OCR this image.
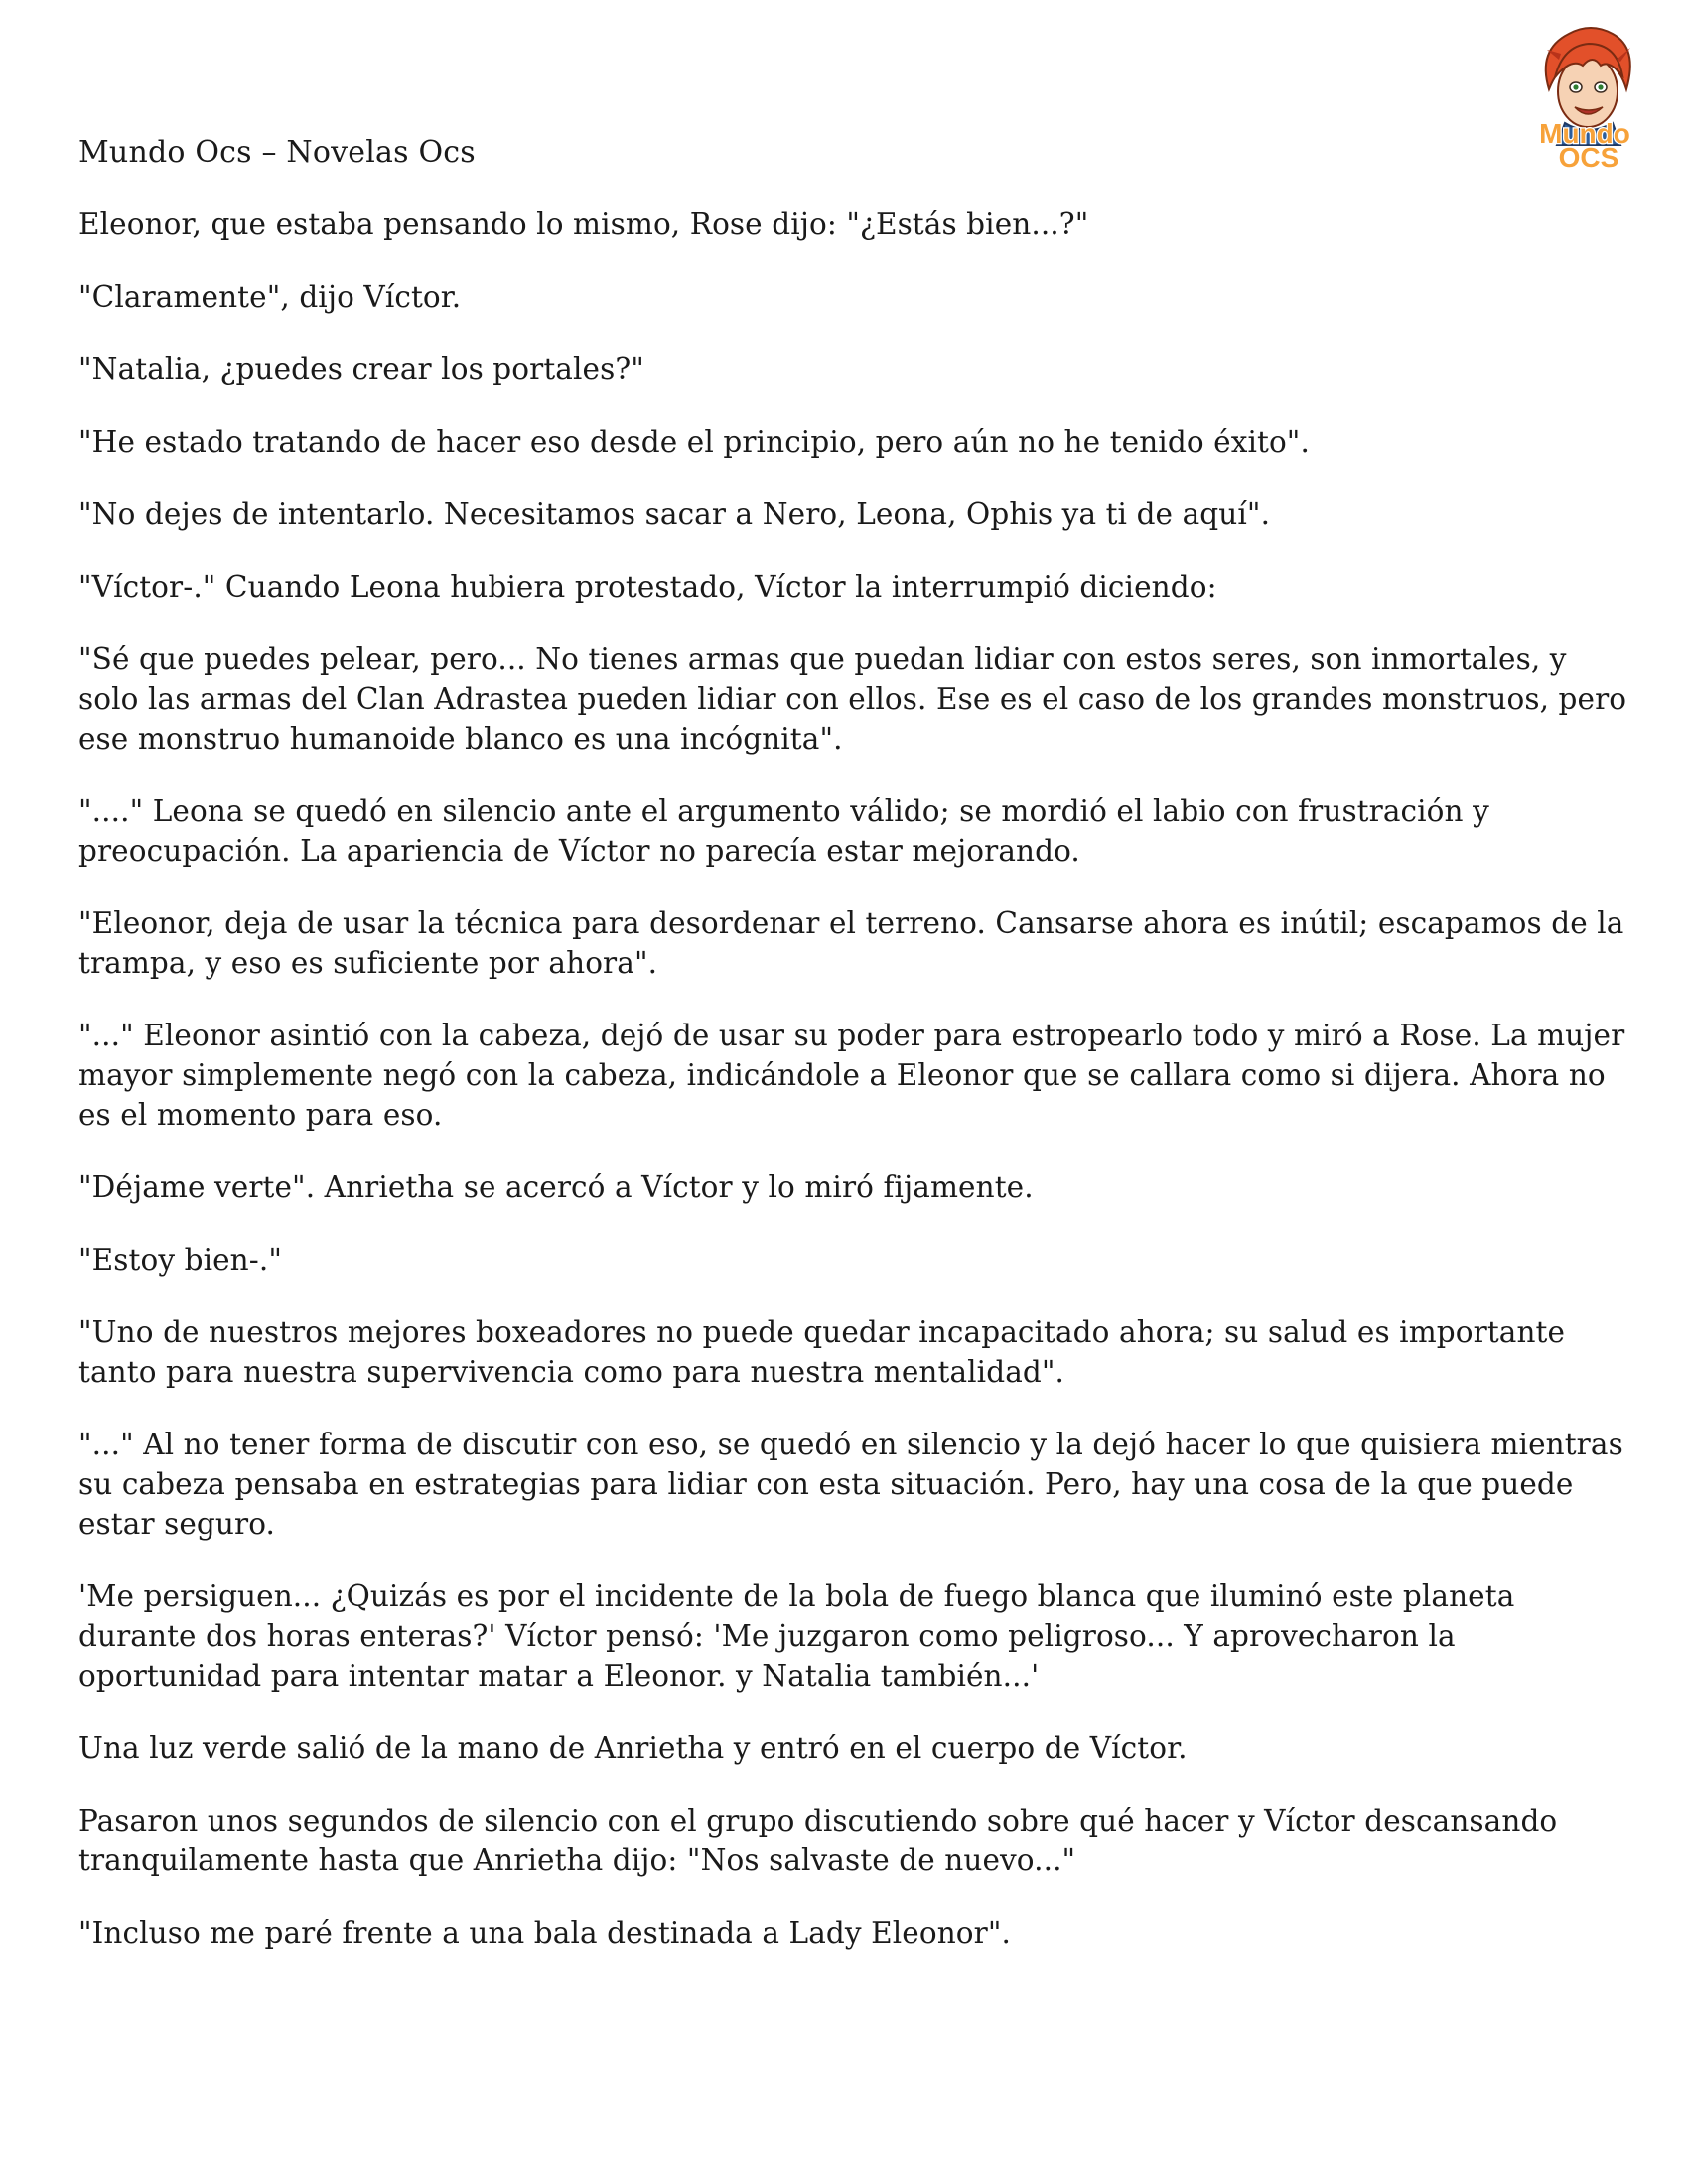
Mundo
OCS

Mundo Ocs – Novelas Ocs

Eleonor, que estaba pensando lo mismo, Rose dijo: "¿Estás bien...?"

"Claramente", dijo Víctor.

"Natalia, ¿puedes crear los portales?"

"He estado tratando de hacer eso desde el principio, pero aún no he tenido éxito".

"No dejes de intentarlo. Necesitamos sacar a Nero, Leona, Ophis ya ti de aquí".

"Víctor-." Cuando Leona hubiera protestado, Víctor la interrumpió diciendo:

"Sé que puedes pelear, pero... No tienes armas que puedan lidiar con estos seres, son inmortales, y solo las armas del Clan Adrastea pueden lidiar con ellos. Ese es el caso de los grandes monstruos, pero ese monstruo humanoide blanco es una incógnita".

"...." Leona se quedó en silencio ante el argumento válido; se mordió el labio con frustración y preocupación. La apariencia de Víctor no parecía estar mejorando.

"Eleonor, deja de usar la técnica para desordenar el terreno. Cansarse ahora es inútil; escapamos de la trampa, y eso es suficiente por ahora".

"..." Eleonor asintió con la cabeza, dejó de usar su poder para estropearlo todo y miró a Rose. La mujer mayor simplemente negó con la cabeza, indicándole a Eleonor que se callara como si dijera. Ahora no es el momento para eso.

"Déjame verte". Anrietha se acercó a Víctor y lo miró fijamente.

"Estoy bien-."

"Uno de nuestros mejores boxeadores no puede quedar incapacitado ahora; su salud es importante tanto para nuestra supervivencia como para nuestra mentalidad".

"..." Al no tener forma de discutir con eso, se quedó en silencio y la dejó hacer lo que quisiera mientras su cabeza pensaba en estrategias para lidiar con esta situación. Pero, hay una cosa de la que puede estar seguro.

'Me persiguen... ¿Quizás es por el incidente de la bola de fuego blanca que iluminó este planeta durante dos horas enteras?' Víctor pensó: 'Me juzgaron como peligroso... Y aprovecharon la oportunidad para intentar matar a Eleonor. y Natalia también...'

Una luz verde salió de la mano de Anrietha y entró en el cuerpo de Víctor.

Pasaron unos segundos de silencio con el grupo discutiendo sobre qué hacer y Víctor descansando tranquilamente hasta que Anrietha dijo: "Nos salvaste de nuevo..."

"Incluso me paré frente a una bala destinada a Lady Eleonor".
